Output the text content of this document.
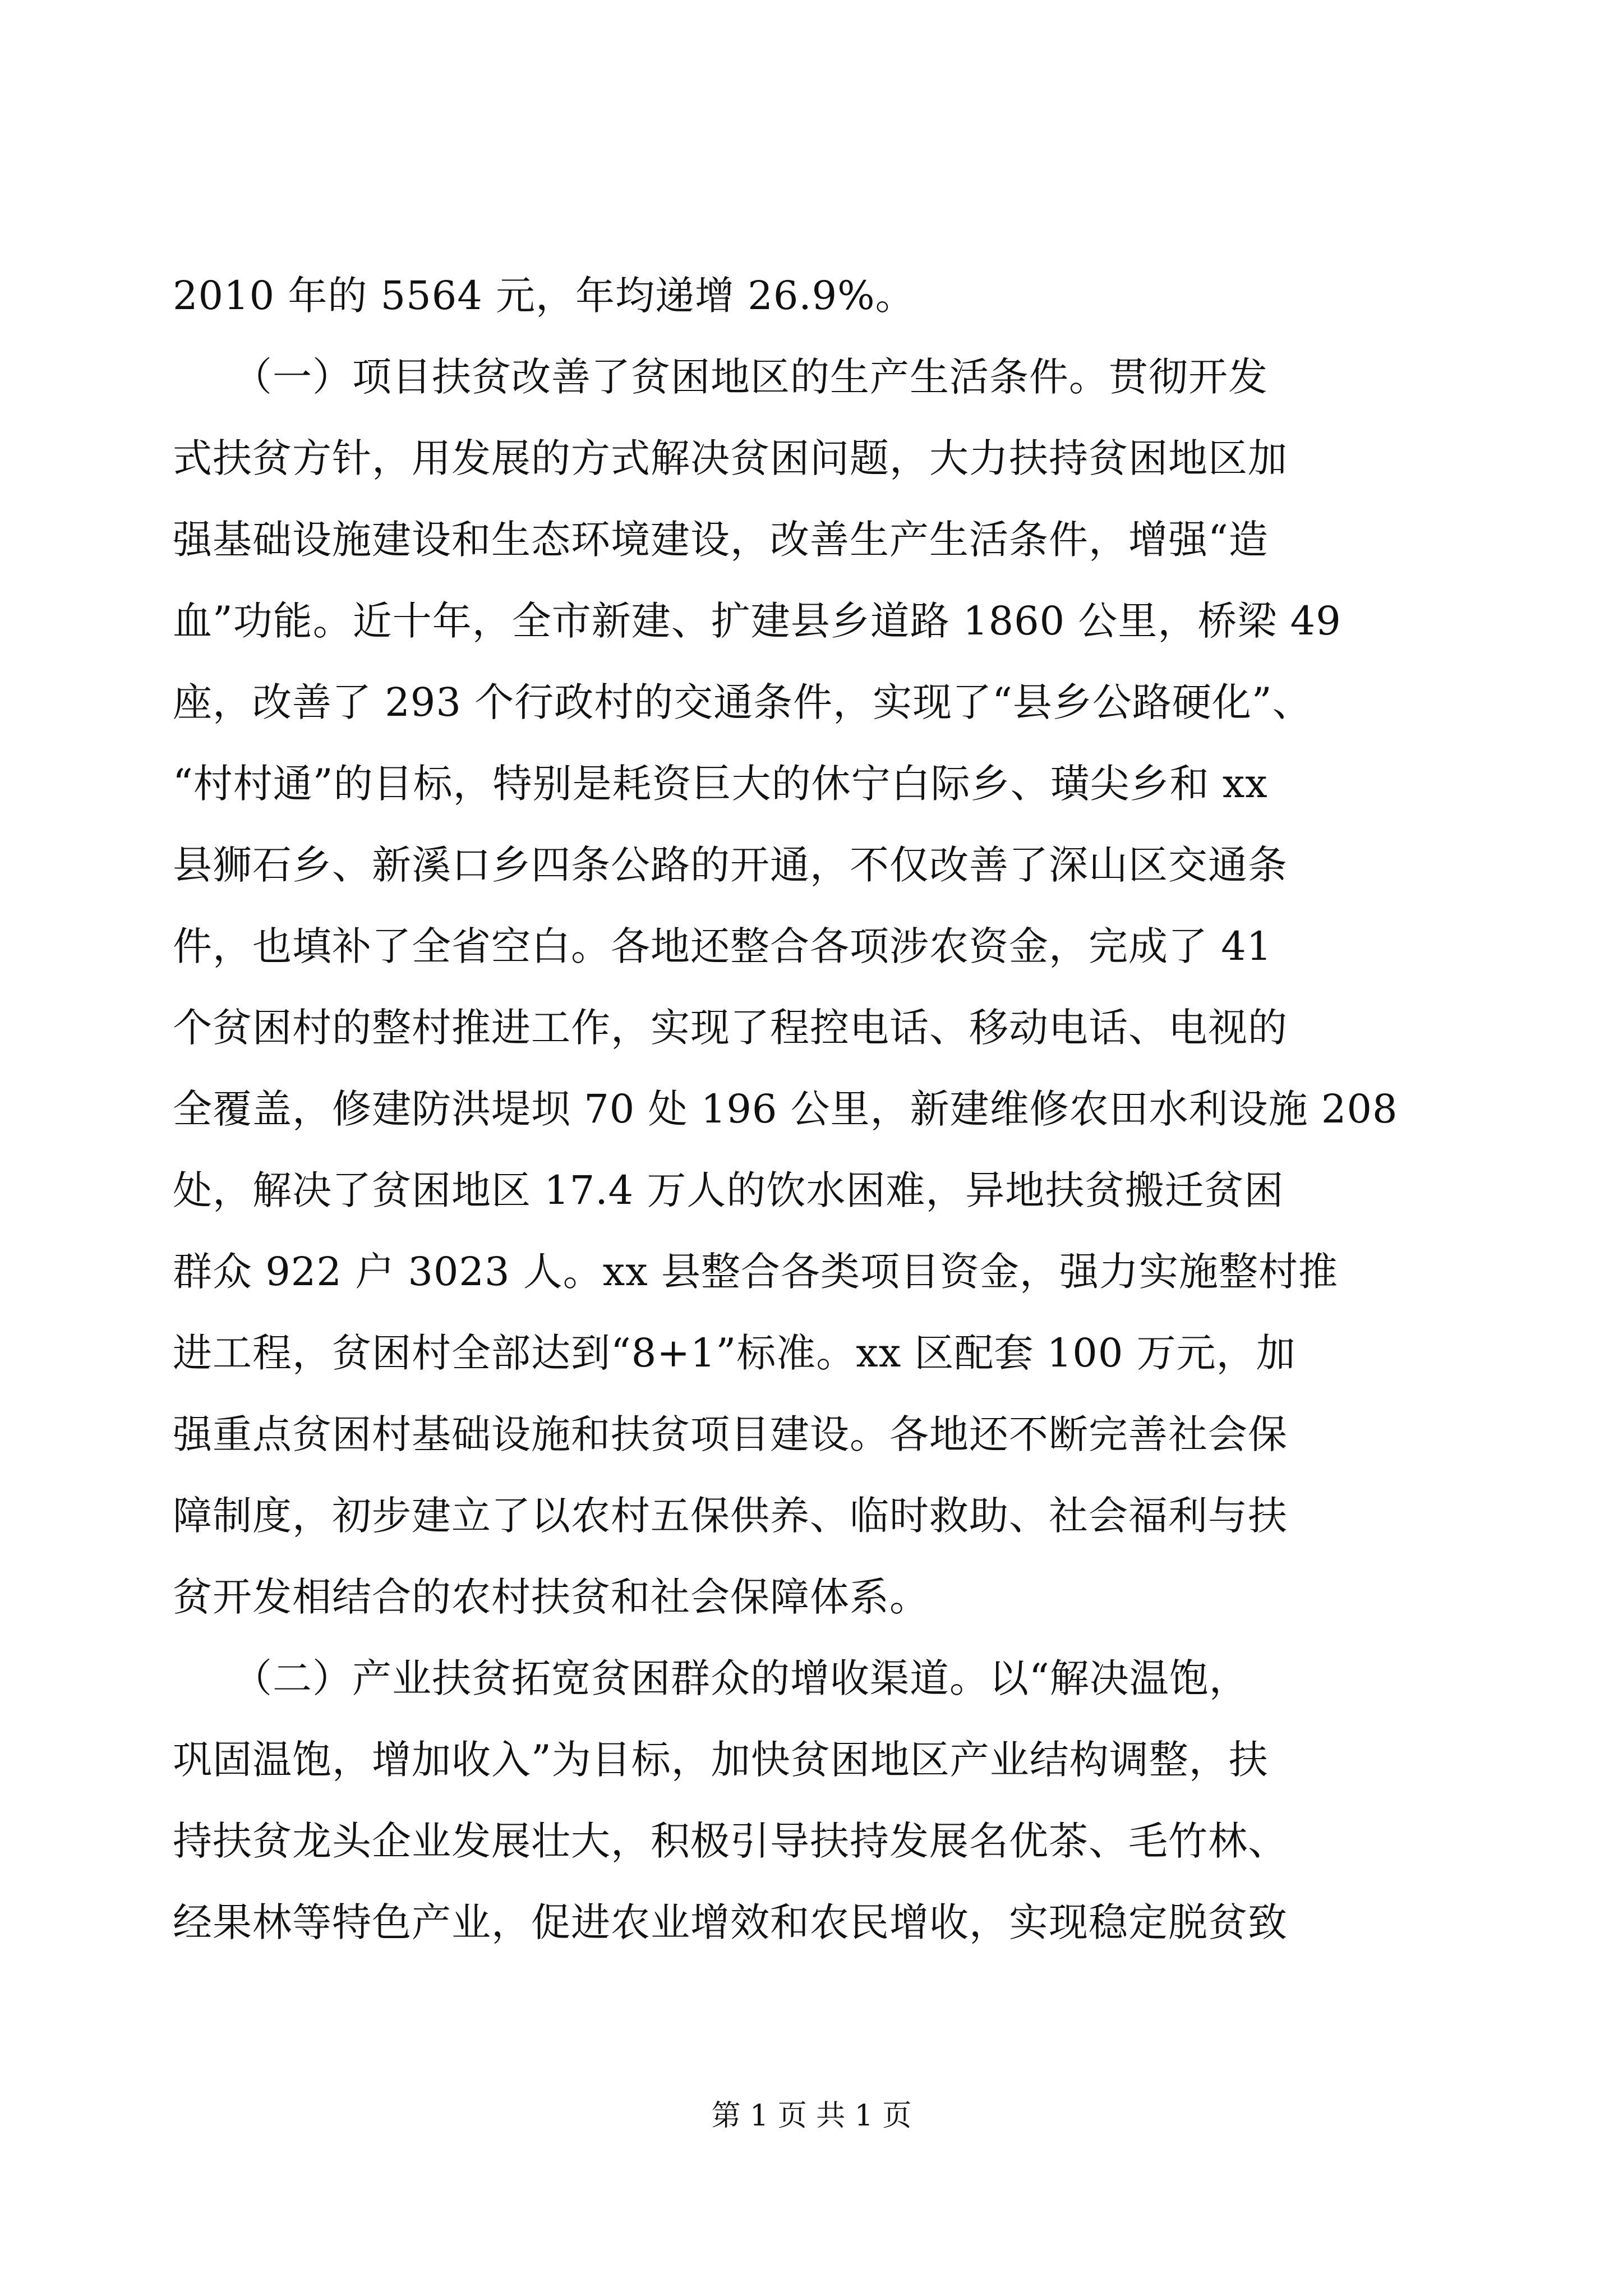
2010 年的 5564 元，年均递增 26.9%。
　　（一）项目扶贫改善了贫困地区的生产生活条件。贯彻开发
式扶贫方针，用发展的方式解决贫困问题，大力扶持贫困地区加
强基础设施建设和生态环境建设，改善生产生活条件，增强“造
血”功能。近十年，全市新建、扩建县乡道路 1860 公里，桥梁 49
座，改善了 293 个行政村的交通条件，实现了“县乡公路硬化”、
“村村通”的目标，特别是耗资巨大的休宁白际乡、璜尖乡和 xx
县狮石乡、新溪口乡四条公路的开通，不仅改善了深山区交通条
件，也填补了全省空白。各地还整合各项涉农资金，完成了 41
个贫困村的整村推进工作，实现了程控电话、移动电话、电视的
全覆盖，修建防洪堤坝 70 处 196 公里，新建维修农田水利设施 208
处，解决了贫困地区 17.4 万人的饮水困难，异地扶贫搬迁贫困
群众 922 户 3023 人。xx 县整合各类项目资金，强力实施整村推
进工程，贫困村全部达到“8+1”标准。xx 区配套 100 万元，加
强重点贫困村基础设施和扶贫项目建设。各地还不断完善社会保
障制度，初步建立了以农村五保供养、临时救助、社会福利与扶
贫开发相结合的农村扶贫和社会保障体系。
　　（二）产业扶贫拓宽贫困群众的增收渠道。以“解决温饱，
巩固温饱，增加收入”为目标，加快贫困地区产业结构调整，扶
持扶贫龙头企业发展壮大，积极引导扶持发展名优茶、毛竹林、
经果林等特色产业，促进农业增效和农民增收，实现稳定脱贫致
第 1 页 共 1 页
